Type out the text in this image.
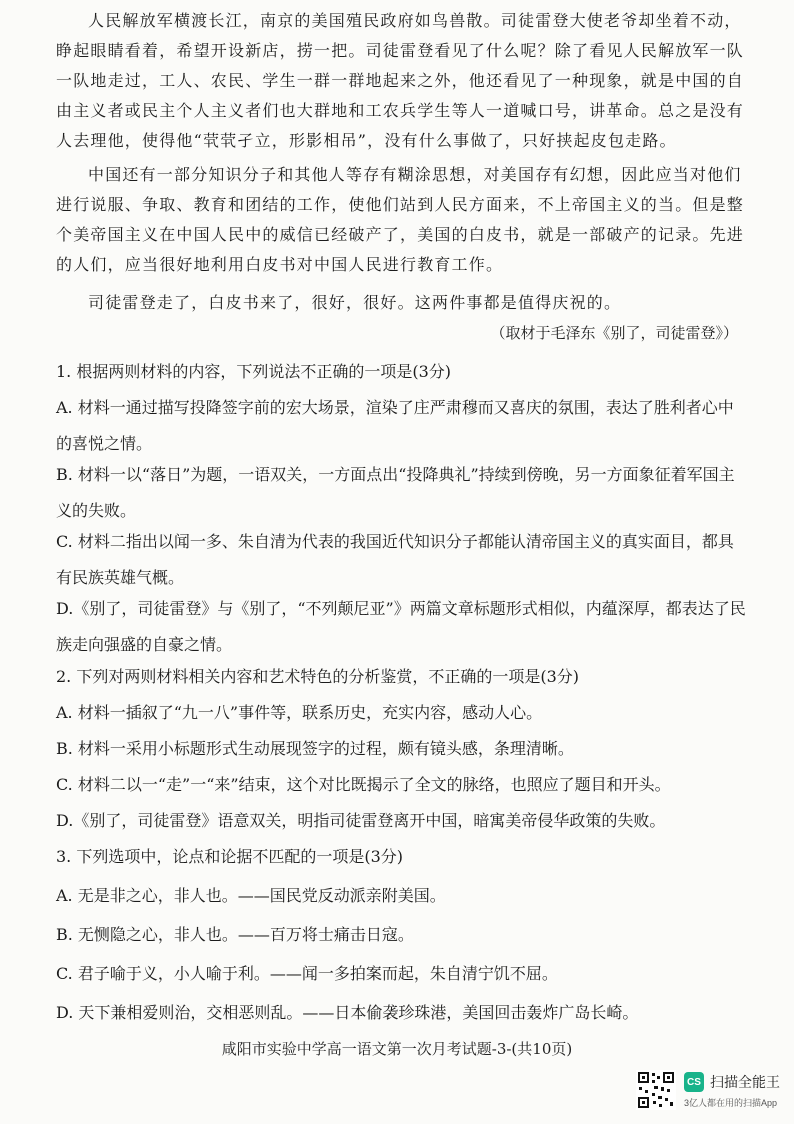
人民解放军横渡长江，南京的美国殖民政府如鸟兽散。司徒雷登大使老爷却坐着不动，睁起眼睛看着，希望开设新店，捞一把。司徒雷登看见了什么呢？除了看见人民解放军一队一队地走过，工人、农民、学生一群一群地起来之外，他还看见了一种现象，就是中国的自由主义者或民主个人主义者们也大群地和工农兵学生等人一道喊口号，讲革命。总之是没有人去理他，使得他“茕茕孑立，形影相吊”，没有什么事做了，只好挟起皮包走路。

中国还有一部分知识分子和其他人等存有糊涂思想，对美国存有幻想，因此应当对他们进行说服、争取、教育和团结的工作，使他们站到人民方面来，不上帝国主义的当。但是整个美帝国主义在中国人民中的威信已经破产了，美国的白皮书，就是一部破产的记录。先进的人们，应当很好地利用白皮书对中国人民进行教育工作。

司徒雷登走了，白皮书来了，很好，很好。这两件事都是值得庆祝的。

（取材于毛泽东《别了，司徒雷登》）

1. 根据两则材料的内容，下列说法不正确的一项是(3分)

A. 材料一通过描写投降签字前的宏大场景，渲染了庄严肃穆而又喜庆的氛围，表达了胜利者心中的喜悦之情。

B. 材料一以“落日”为题，一语双关，一方面点出“投降典礼”持续到傍晚，另一方面象征着军国主义的失败。

C. 材料二指出以闻一多、朱自清为代表的我国近代知识分子都能认清帝国主义的真实面目，都具有民族英雄气概。

D.《别了，司徒雷登》与《别了，“不列颠尼亚”》两篇文章标题形式相似，内蕴深厚，都表达了民族走向强盛的自豪之情。

2. 下列对两则材料相关内容和艺术特色的分析鉴赏，不正确的一项是(3分)

A. 材料一插叙了“九一八”事件等，联系历史，充实内容，感动人心。

B. 材料一采用小标题形式生动展现签字的过程，颇有镜头感，条理清晰。

C. 材料二以一“走”一“来”结束，这个对比既揭示了全文的脉络，也照应了题目和开头。

D.《别了，司徒雷登》语意双关，明指司徒雷登离开中国，暗寓美帝侵华政策的失败。

3. 下列选项中，论点和论据不匹配的一项是(3分)

A. 无是非之心，非人也。——国民党反动派亲附美国。

B. 无恻隐之心，非人也。——百万将士痛击日寇。

C. 君子喻于义，小人喻于利。——闻一多拍案而起，朱自清宁饥不屈。

D. 天下兼相爱则治，交相恶则乱。——日本偷袭珍珠港，美国回击轰炸广岛长崎。

咸阳市实验中学高一语文第一次月考试题-3-(共10页)
CS 扫描全能王
3亿人都在用的扫描App
